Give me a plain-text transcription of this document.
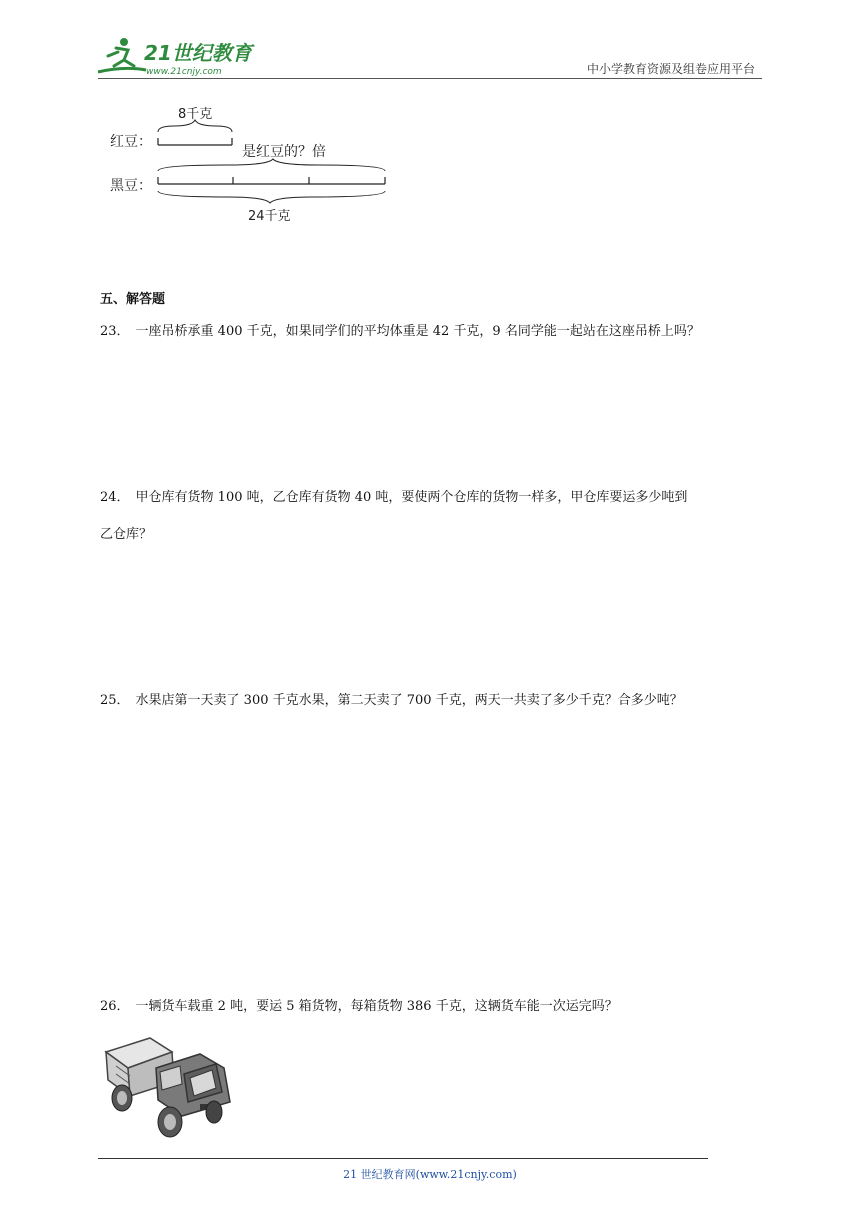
21世纪教育
www.21cnjy.com	中小学教育资源及组卷应用平台
8千克
红豆：
是红豆的？倍
黑豆：
24千克
五、解答题
23． 一座吊桥承重 400 千克，如果同学们的平均体重是 42 千克，9 名同学能一起站在这座吊桥上吗？
24． 甲仓库有货物 100 吨，乙仓库有货物 40 吨，要使两个仓库的货物一样多，甲仓库要运多少吨到
乙仓库？
25． 水果店第一天卖了 300 千克水果，第二天卖了 700 千克，两天一共卖了多少千克？合多少吨？
26． 一辆货车载重 2 吨，要运 5 箱货物，每箱货物 386 千克，这辆货车能一次运完吗？
21 世纪教育网(www.21cnjy.com)
